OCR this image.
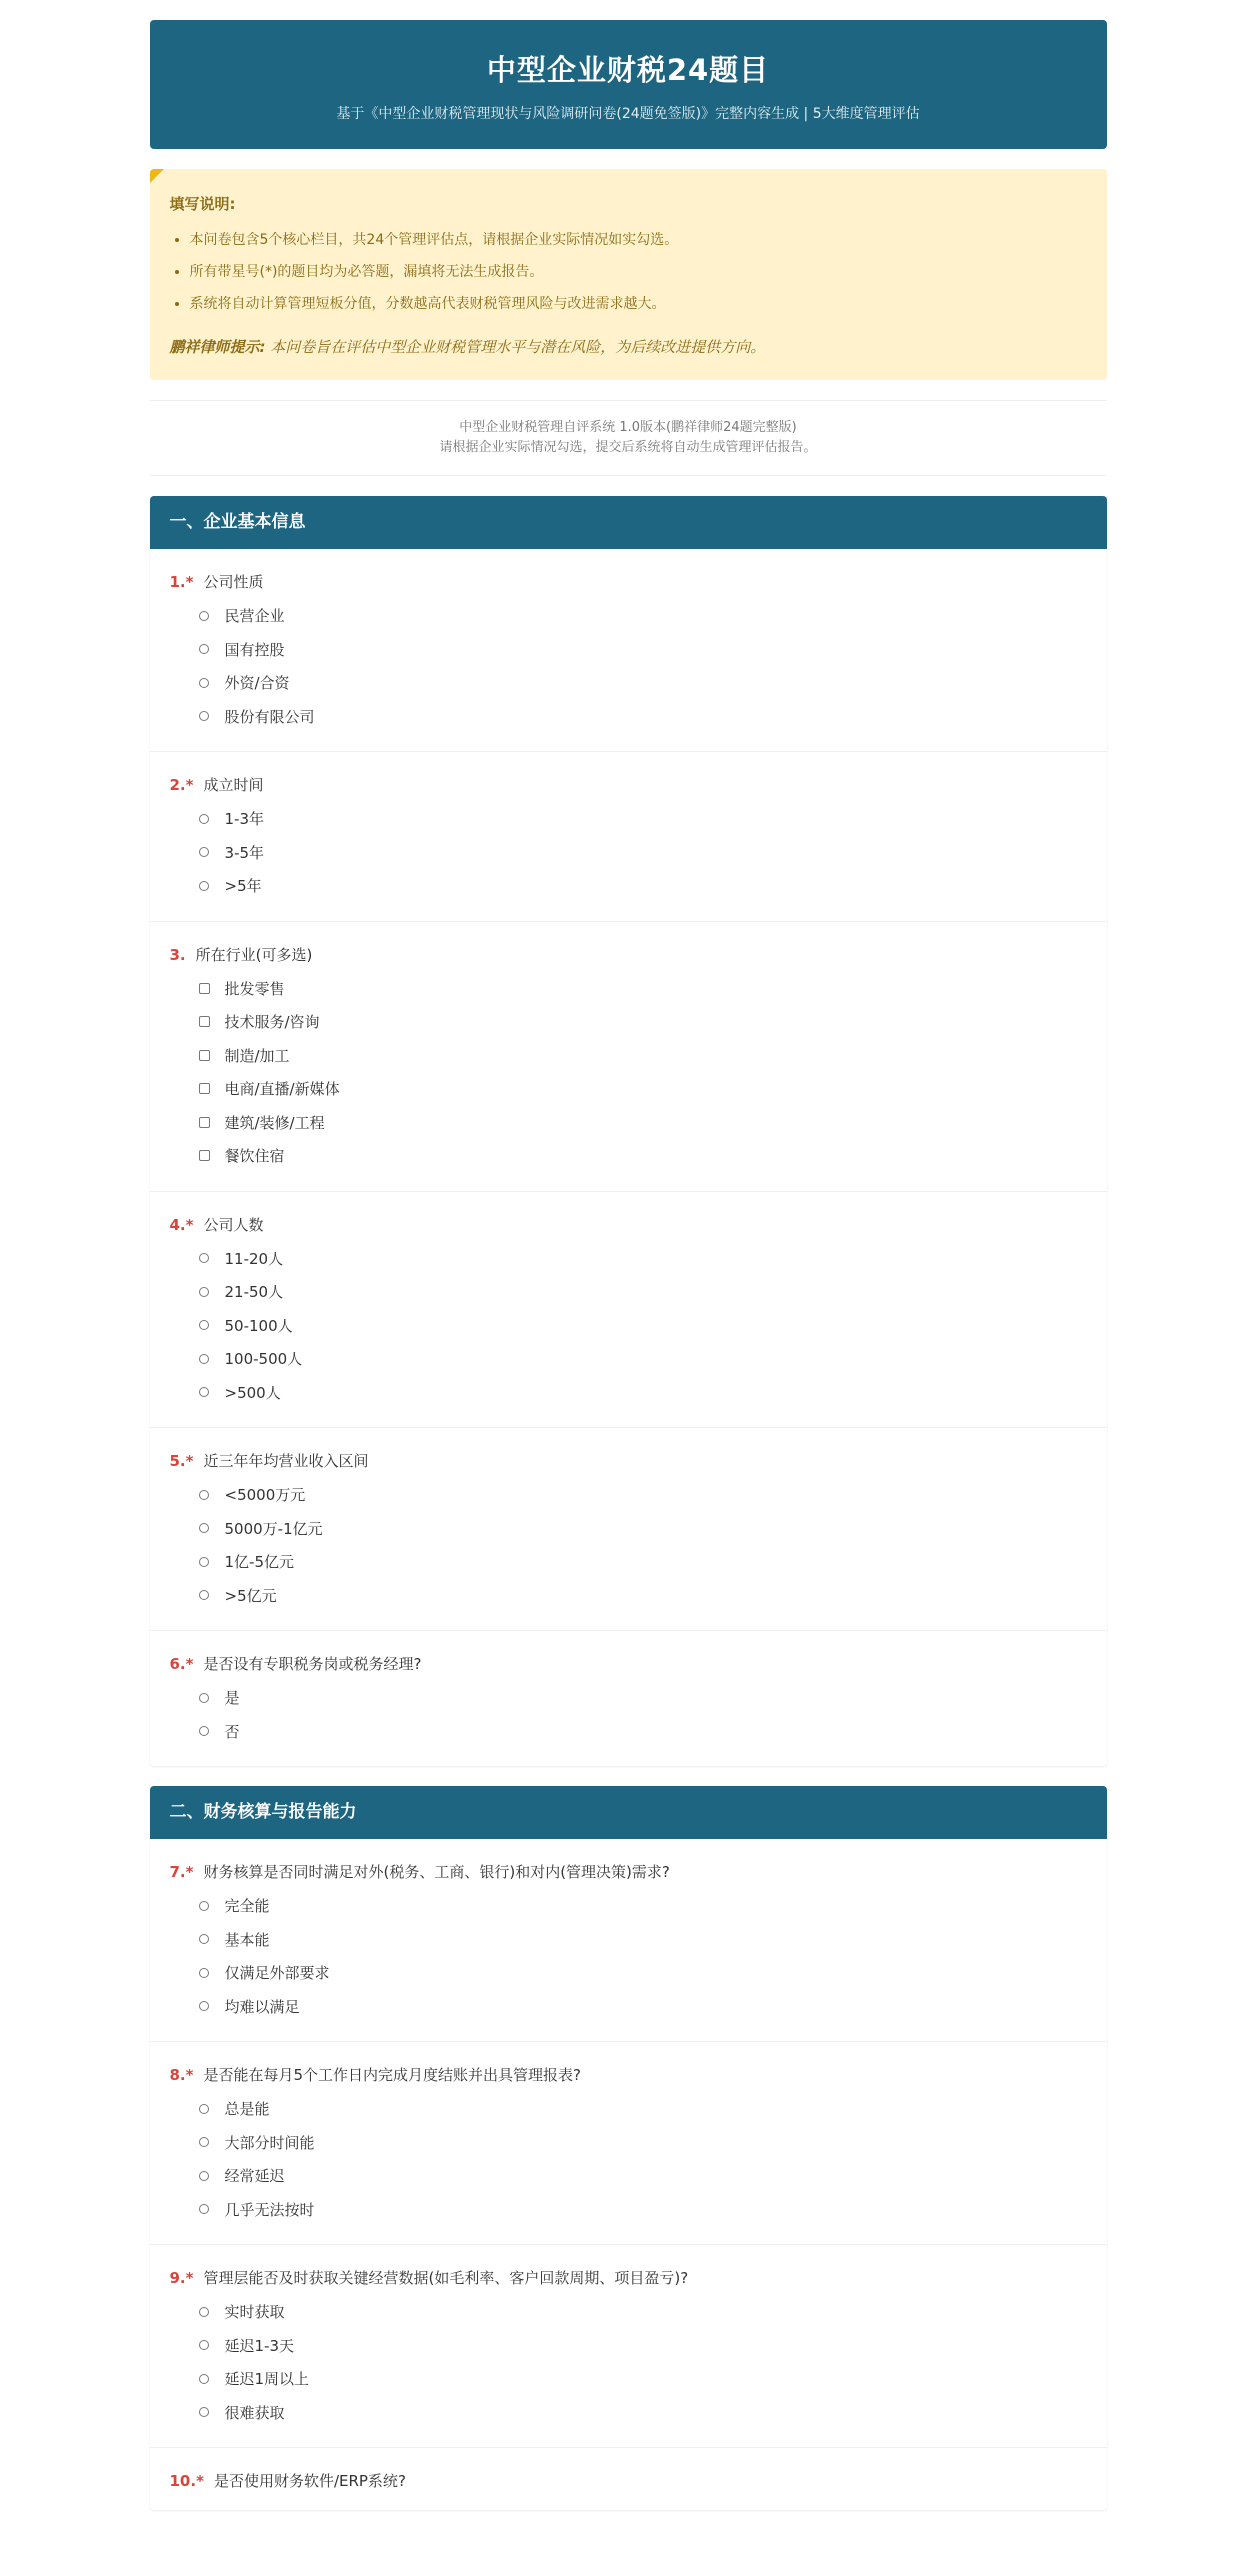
中型企业财税24题目
基于《中型企业财税管理现状与风险调研问卷(24题免签版)》完整内容生成 | 5大维度管理评估
填写说明:
• 本问卷包含5个核心栏目，共24个管理评估点，请根据企业实际情况如实勾选。
• 所有带星号(*)的题目均为必答题，漏填将无法生成报告。
• 系统将自动计算管理短板分值，分数越高代表财税管理风险与改进需求越大。
鹏祥律师提示: 本问卷旨在评估中型企业财税管理水平与潜在风险，为后续改进提供方向。
中型企业财税管理自评系统 1.0版本(鹏祥律师24题完整版)
请根据企业实际情况勾选，提交后系统将自动生成管理评估报告。
一、企业基本信息
1.* 公司性质
民营企业
国有控股
外资/合资
股份有限公司
2.* 成立时间
1-3年
3-5年
>5年
3. 所在行业(可多选)
批发零售
技术服务/咨询
制造/加工
电商/直播/新媒体
建筑/装修/工程
餐饮住宿
4.* 公司人数
11-20人
21-50人
50-100人
100-500人
>500人
5.* 近三年年均营业收入区间
<5000万元
5000万-1亿元
1亿-5亿元
>5亿元
6.* 是否设有专职税务岗或税务经理?
是
否
二、财务核算与报告能力
7.* 财务核算是否同时满足对外(税务、工商、银行)和对内(管理决策)需求?
完全能
基本能
仅满足外部要求
均难以满足
8.* 是否能在每月5个工作日内完成月度结账并出具管理报表?
总是能
大部分时间能
经常延迟
几乎无法按时
9.* 管理层能否及时获取关键经营数据(如毛利率、客户回款周期、项目盈亏)?
实时获取
延迟1-3天
延迟1周以上
很难获取
10.* 是否使用财务软件/ERP系统?
